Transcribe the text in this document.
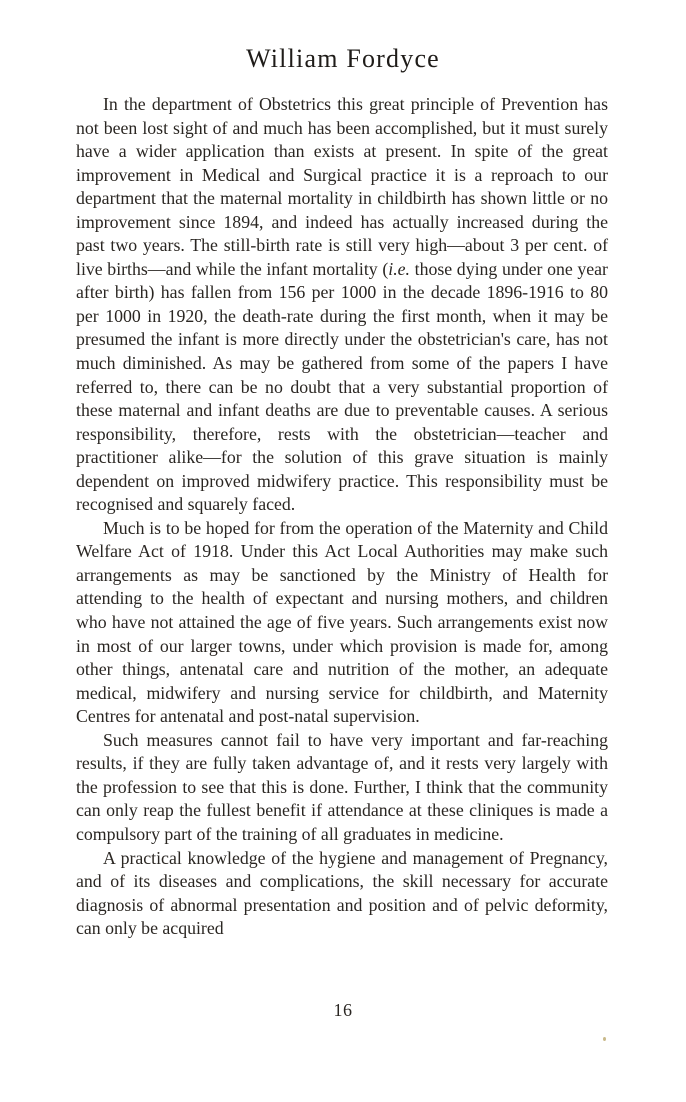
William Fordyce

In the department of Obstetrics this great principle of Prevention has not been lost sight of and much has been accomplished, but it must surely have a wider application than exists at present. In spite of the great improvement in Medical and Surgical practice it is a reproach to our department that the maternal mortality in childbirth has shown little or no improvement since 1894, and indeed has actually increased during the past two years. The still-birth rate is still very high—about 3 per cent. of live births—and while the infant mortality (i.e. those dying under one year after birth) has fallen from 156 per 1000 in the decade 1896-1916 to 80 per 1000 in 1920, the death-rate during the first month, when it may be presumed the infant is more directly under the obstetrician's care, has not much diminished. As may be gathered from some of the papers I have referred to, there can be no doubt that a very substantial proportion of these maternal and infant deaths are due to preventable causes. A serious responsibility, therefore, rests with the obstetrician—teacher and practitioner alike—for the solution of this grave situation is mainly dependent on improved midwifery practice. This responsibility must be recognised and squarely faced.

Much is to be hoped for from the operation of the Maternity and Child Welfare Act of 1918. Under this Act Local Authorities may make such arrangements as may be sanctioned by the Ministry of Health for attending to the health of expectant and nursing mothers, and children who have not attained the age of five years. Such arrangements exist now in most of our larger towns, under which provision is made for, among other things, antenatal care and nutrition of the mother, an adequate medical, midwifery and nursing service for childbirth, and Maternity Centres for antenatal and post-natal supervision.

Such measures cannot fail to have very important and far-reaching results, if they are fully taken advantage of, and it rests very largely with the profession to see that this is done. Further, I think that the community can only reap the fullest benefit if attendance at these cliniques is made a compulsory part of the training of all graduates in medicine.

A practical knowledge of the hygiene and management of Pregnancy, and of its diseases and complications, the skill necessary for accurate diagnosis of abnormal presentation and position and of pelvic deformity, can only be acquired

16
